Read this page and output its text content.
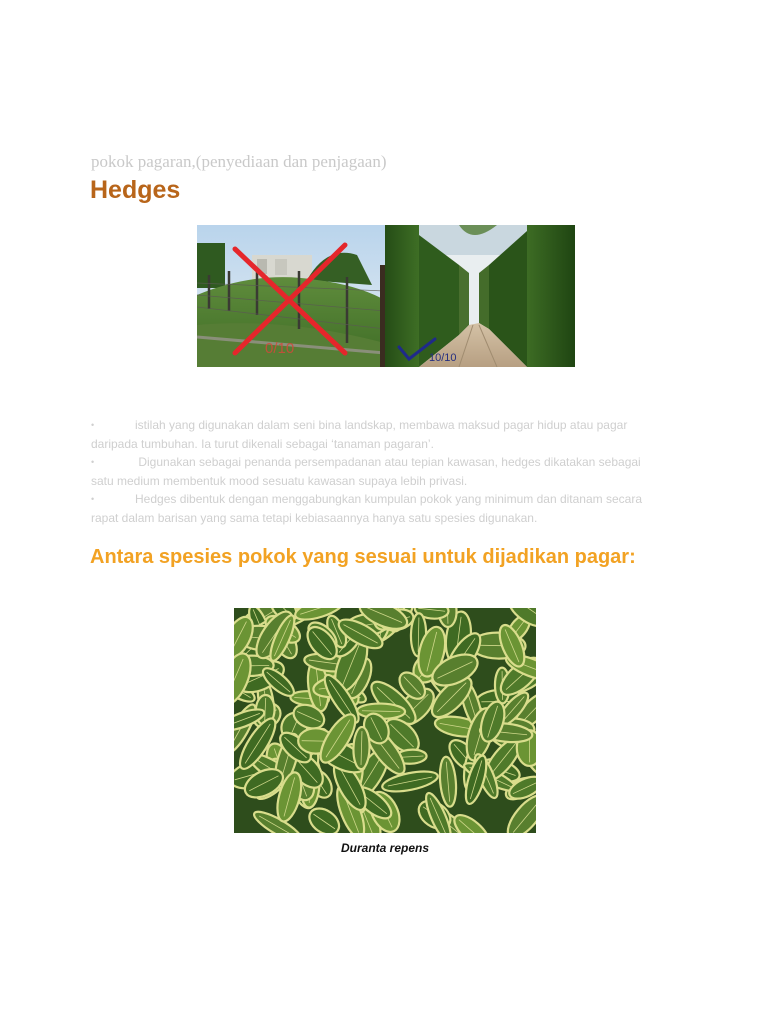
pokok pagaran,(penyediaan dan penjagaan)
Hedges
0/10
10/10

•	istilah yang digunakan dalam seni bina landskap, membawa maksud pagar hidup atau pagar
daripada tumbuhan. Ia turut dikenali sebagai ‘tanaman pagaran’.

•	Digunakan sebagai penanda persempadanan atau tepian kawasan, hedges dikatakan sebagai
satu medium membentuk mood sesuatu kawasan supaya lebih privasi.

•	Hedges dibentuk dengan menggabungkan kumpulan pokok yang minimum dan ditanam secara
rapat dalam barisan yang sama tetapi kebiasaannya hanya satu spesies digunakan.

Antara spesies pokok yang sesuai untuk dijadikan pagar:
Duranta repens
